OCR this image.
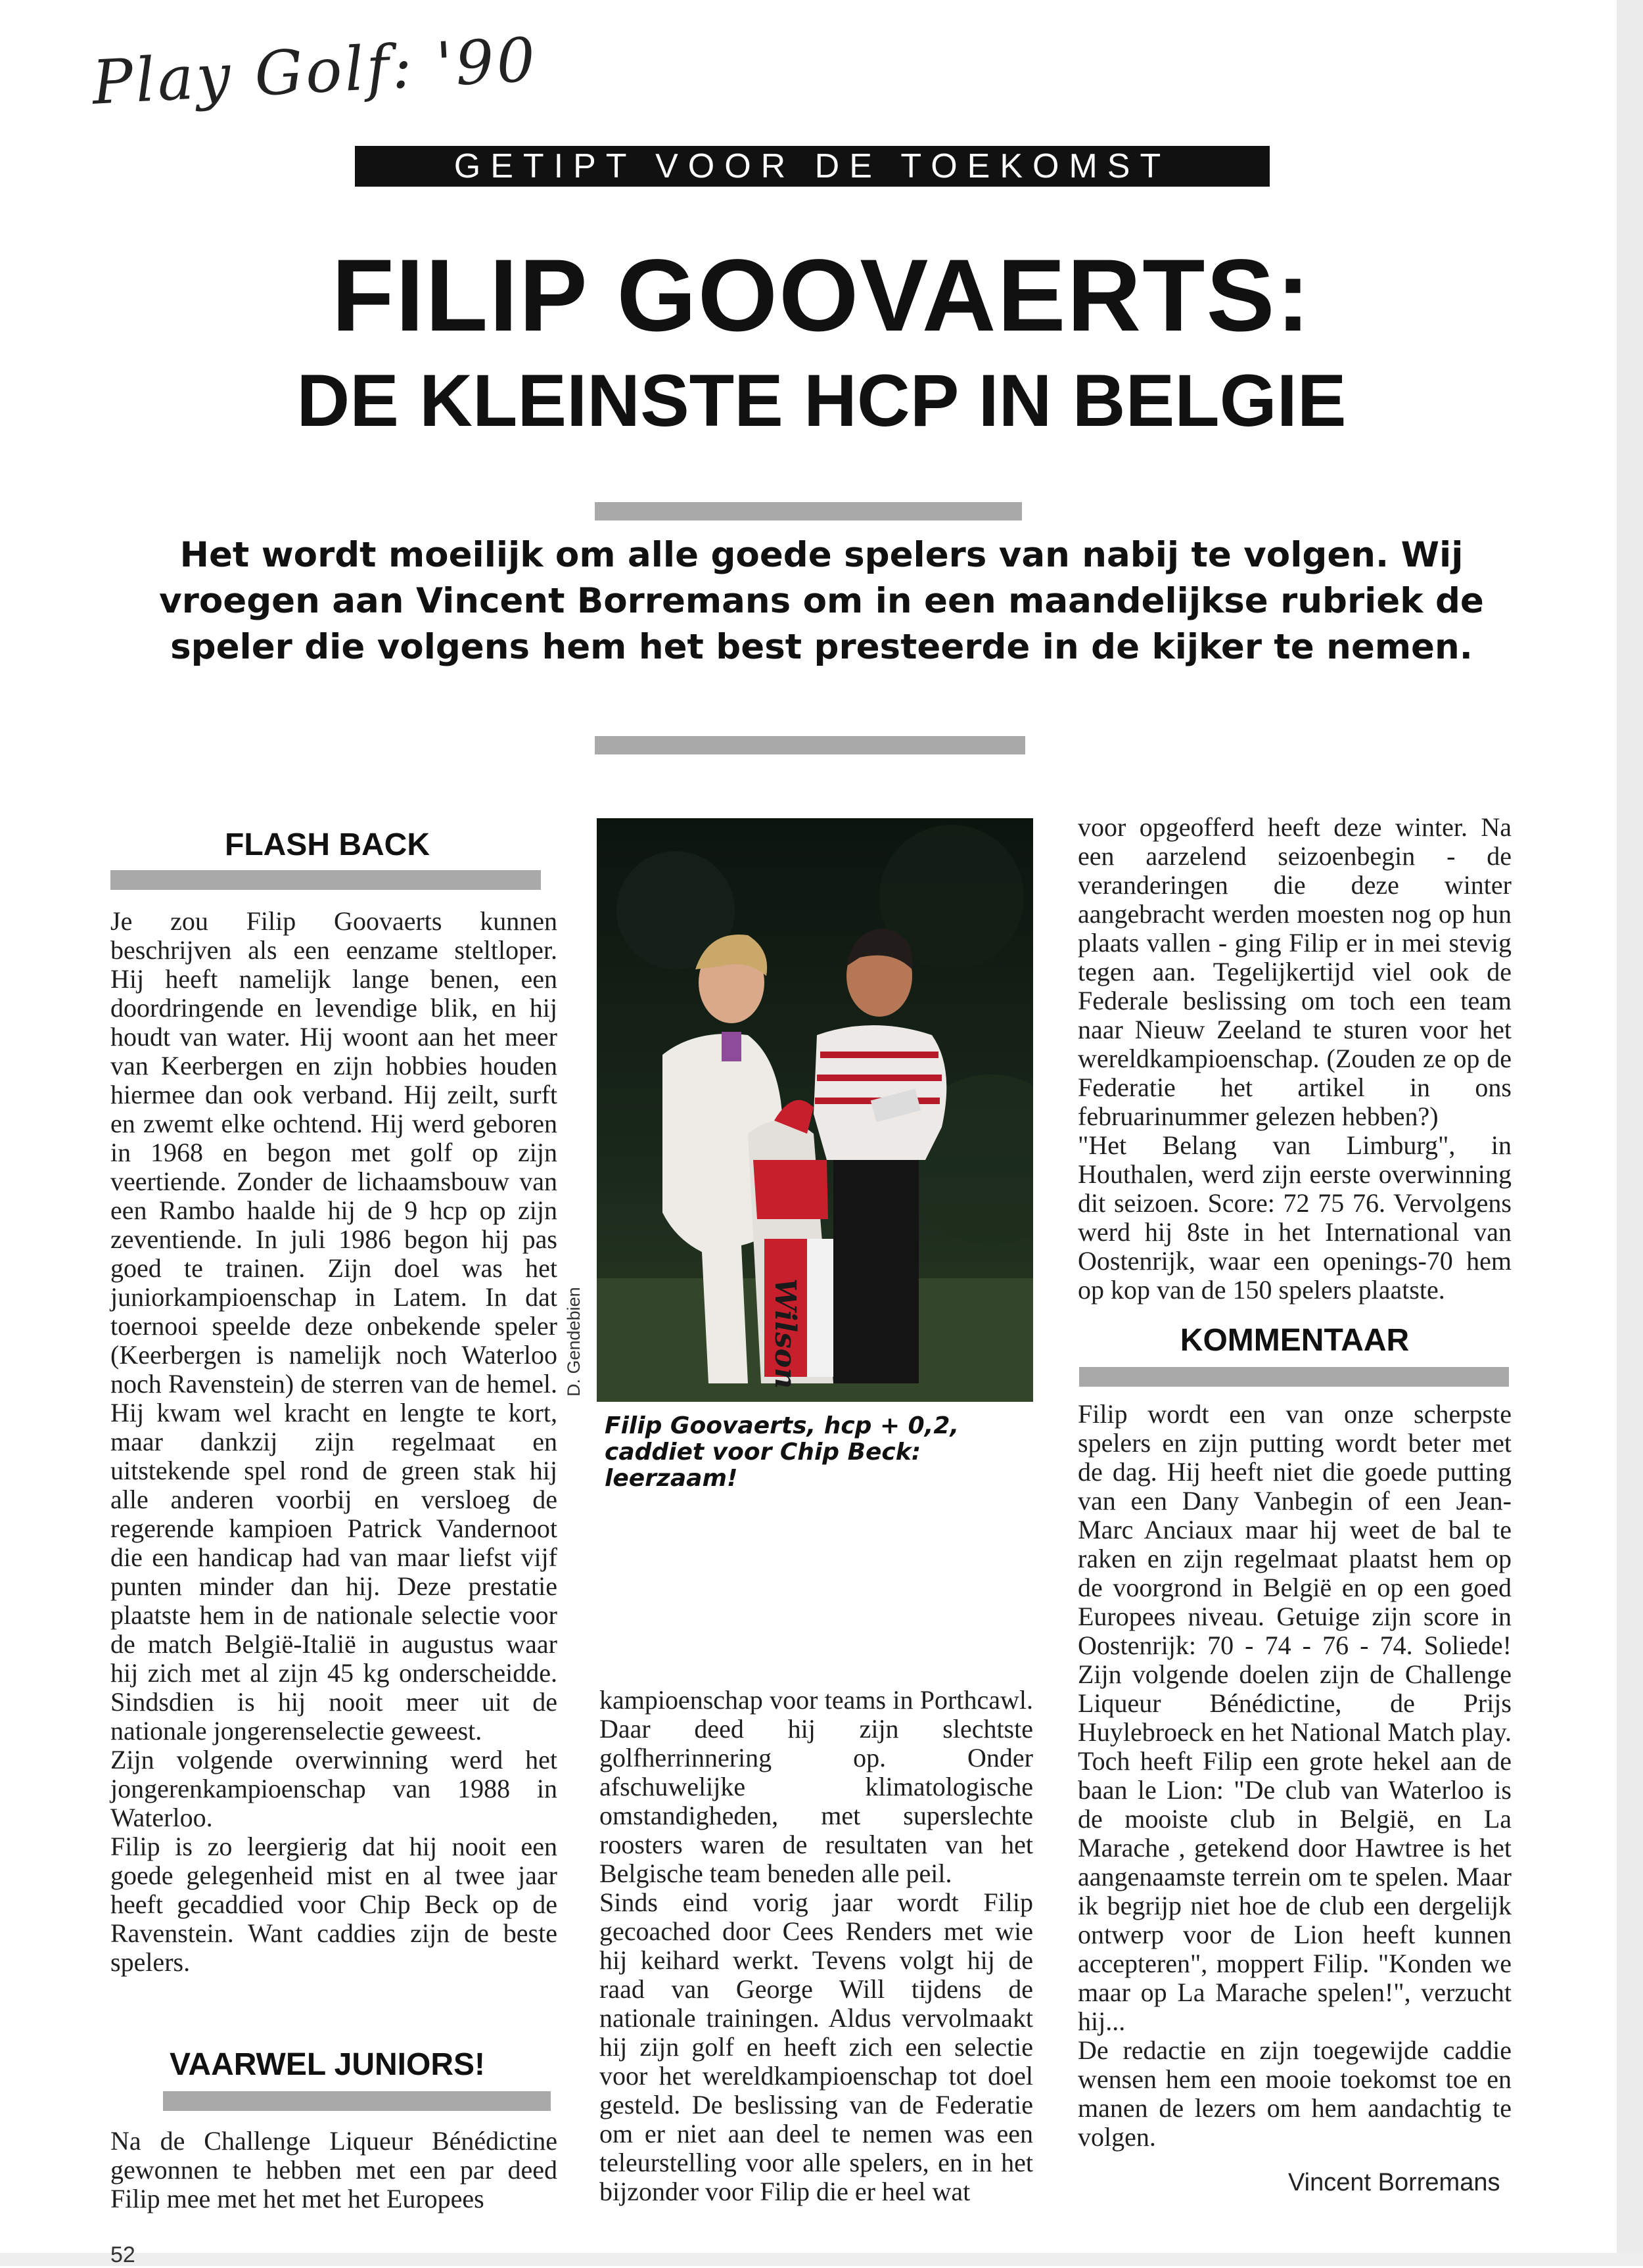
Play Golf: '90
GETIPT VOOR DE TOEKOMST
FILIP GOOVAERTS:
DE KLEINSTE HCP IN BELGIE
Het wordt moeilijk om alle goede spelers van nabij te volgen. Wij vroegen aan Vincent Borremans om in een maandelijkse rubriek de speler die volgens hem het best presteerde in de kijker te nemen.
FLASH BACK

Je zou Filip Goovaerts kunnen beschrijven als een eenzame steltloper. Hij heeft namelijk lange benen, een doordringende en levendige blik, en hij houdt van water. Hij woont aan het meer van Keerbergen en zijn hobbies houden hiermee dan ook verband. Hij zeilt, surft en zwemt elke ochtend. Hij werd geboren in 1968 en begon met golf op zijn veertiende. Zonder de lichaamsbouw van een Rambo haalde hij de 9 hcp op zijn zeventiende. In juli 1986 begon hij pas goed te trainen. Zijn doel was het juniorkampioenschap in Latem. In dat toernooi speelde deze onbekende speler (Keerbergen is namelijk noch Waterloo noch Ravenstein) de sterren van de hemel. Hij kwam wel kracht en lengte te kort, maar dankzij zijn regelmaat en uitstekende spel rond de green stak hij alle anderen voorbij en versloeg de regerende kampioen Patrick Vandernoot die een handicap had van maar liefst vijf punten minder dan hij. Deze prestatie plaatste hem in de nationale selectie voor de match België-Italië in augustus waar hij zich met al zijn 45 kg onderscheidde. Sindsdien is hij nooit meer uit de nationale jongerenselectie geweest.

Zijn volgende overwinning werd het jongerenkampioenschap van 1988 in Waterloo.

Filip is zo leergierig dat hij nooit een goede gelegenheid mist en al twee jaar heeft gecaddied voor Chip Beck op de Ravenstein. Want caddies zijn de beste spelers.

VAARWEL JUNIORS!

Na de Challenge Liqueur Bénédictine gewonnen te hebben met een par deed Filip mee met het met het Europees

Wilson
D. Gendebien
Filip Goovaerts, hcp + 0,2, caddiet voor Chip Beck: leerzaam!

kampioenschap voor teams in Porthcawl. Daar deed hij zijn slechtste golfherrinnering op. Onder afschuwelijke klimatologische omstandigheden, met superslechte roosters waren de resultaten van het Belgische team beneden alle peil.

Sinds eind vorig jaar wordt Filip gecoached door Cees Renders met wie hij keihard werkt. Tevens volgt hij de raad van George Will tijdens de nationale trainingen. Aldus vervolmaakt hij zijn golf en heeft zich een selectie voor het wereldkampioenschap tot doel gesteld. De beslissing van de Federatie om er niet aan deel te nemen was een teleurstelling voor alle spelers, en in het bijzonder voor Filip die er heel wat

voor opgeofferd heeft deze winter. Na een aarzelend seizoenbegin - de veranderingen die deze winter aangebracht werden moesten nog op hun plaats vallen - ging Filip er in mei stevig tegen aan. Tegelijkertijd viel ook de Federale beslissing om toch een team naar Nieuw Zeeland te sturen voor het wereldkampioenschap. (Zouden ze op de Federatie het artikel in ons februarinummer gelezen hebben?)

"Het Belang van Limburg", in Houthalen, werd zijn eerste overwinning dit seizoen. Score: 72 75 76. Vervolgens werd hij 8ste in het International van Oostenrijk, waar een openings-70 hem op kop van de 150 spelers plaatste.

KOMMENTAAR

Filip wordt een van onze scherpste spelers en zijn putting wordt beter met de dag. Hij heeft niet die goede putting van een Dany Vanbegin of een Jean-Marc Anciaux maar hij weet de bal te raken en zijn regelmaat plaatst hem op de voorgrond in België en op een goed Europees niveau. Getuige zijn score in Oostenrijk: 70 - 74 - 76 - 74. Soliede! Zijn volgende doelen zijn de Challenge Liqueur Bénédictine, de Prijs Huylebroeck en het National Match play. Toch heeft Filip een grote hekel aan de baan le Lion: "De club van Waterloo is de mooiste club in België, en La Marache , getekend door Hawtree is het aangenaamste terrein om te spelen. Maar ik begrijp niet hoe de club een dergelijk ontwerp voor de Lion heeft kunnen accepteren", moppert Filip. "Konden we maar op La Marache spelen!", verzucht hij...

De redactie en zijn toegewijde caddie wensen hem een mooie toekomst toe en manen de lezers om hem aandachtig te volgen.

Vincent Borremans
52
